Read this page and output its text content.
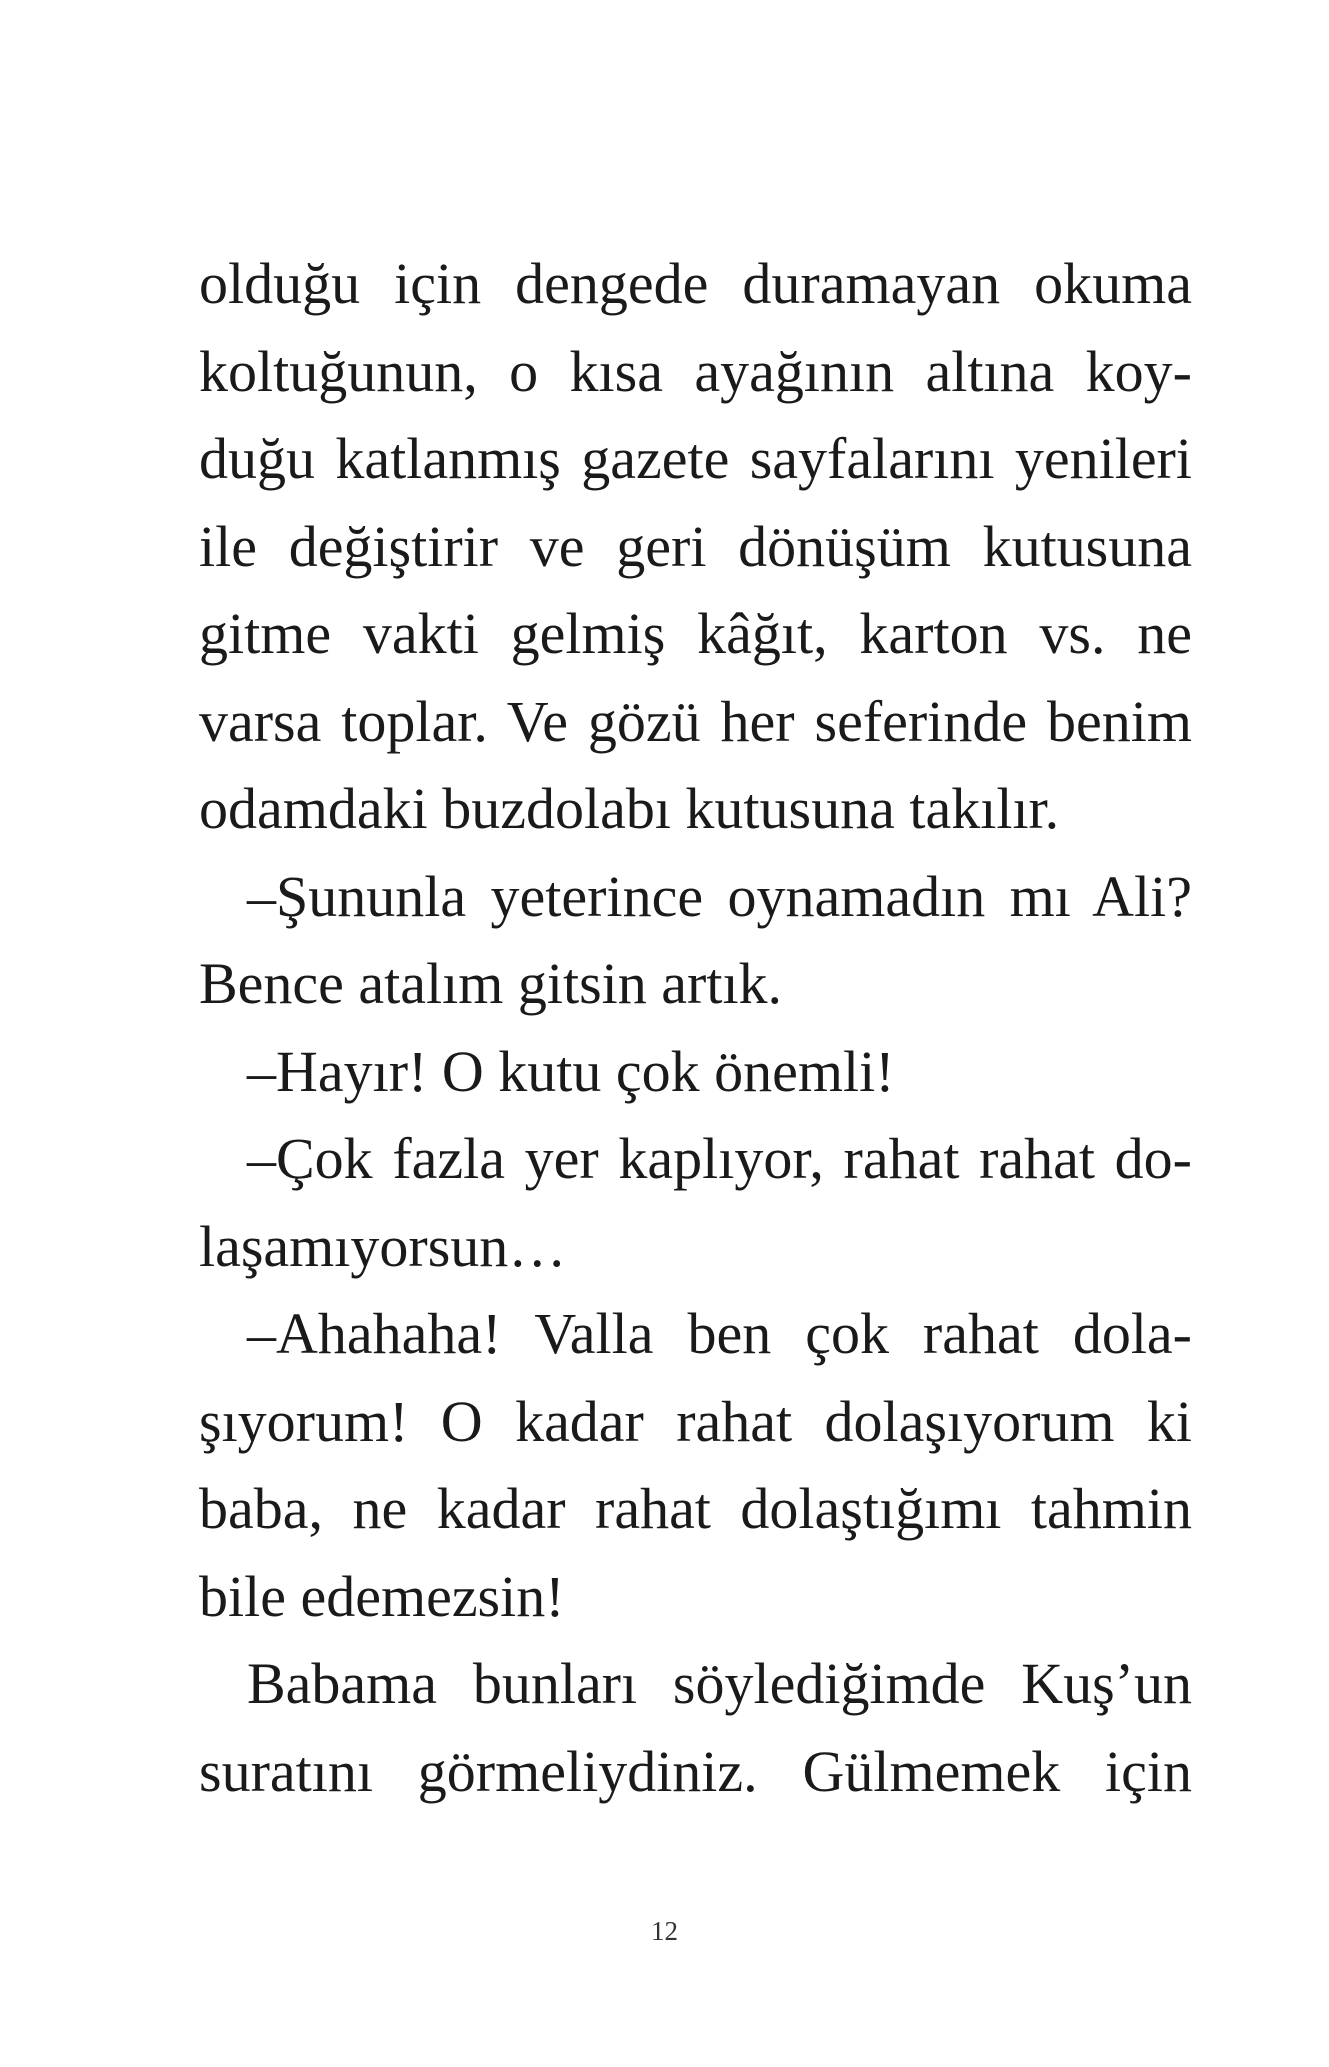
olduğu için dengede duramayan okuma
koltuğunun, o kısa ayağının altına koy-
duğu katlanmış gazete sayfalarını yenileri
ile değiştirir ve geri dönüşüm kutusuna
gitme vakti gelmiş kâğıt, karton vs. ne
varsa toplar. Ve gözü her seferinde benim
odamdaki buzdolabı kutusuna takılır.
–Şununla yeterince oynamadın mı Ali?
Bence atalım gitsin artık.
–Hayır! O kutu çok önemli!
–Çok fazla yer kaplıyor, rahat rahat do-
laşamıyorsun…
–Ahahaha! Valla ben çok rahat dola-
şıyorum! O kadar rahat dolaşıyorum ki
baba, ne kadar rahat dolaştığımı tahmin
bile edemezsin!
Babama bunları söylediğimde Kuş’un
suratını görmeliydiniz. Gülmemek için
12
